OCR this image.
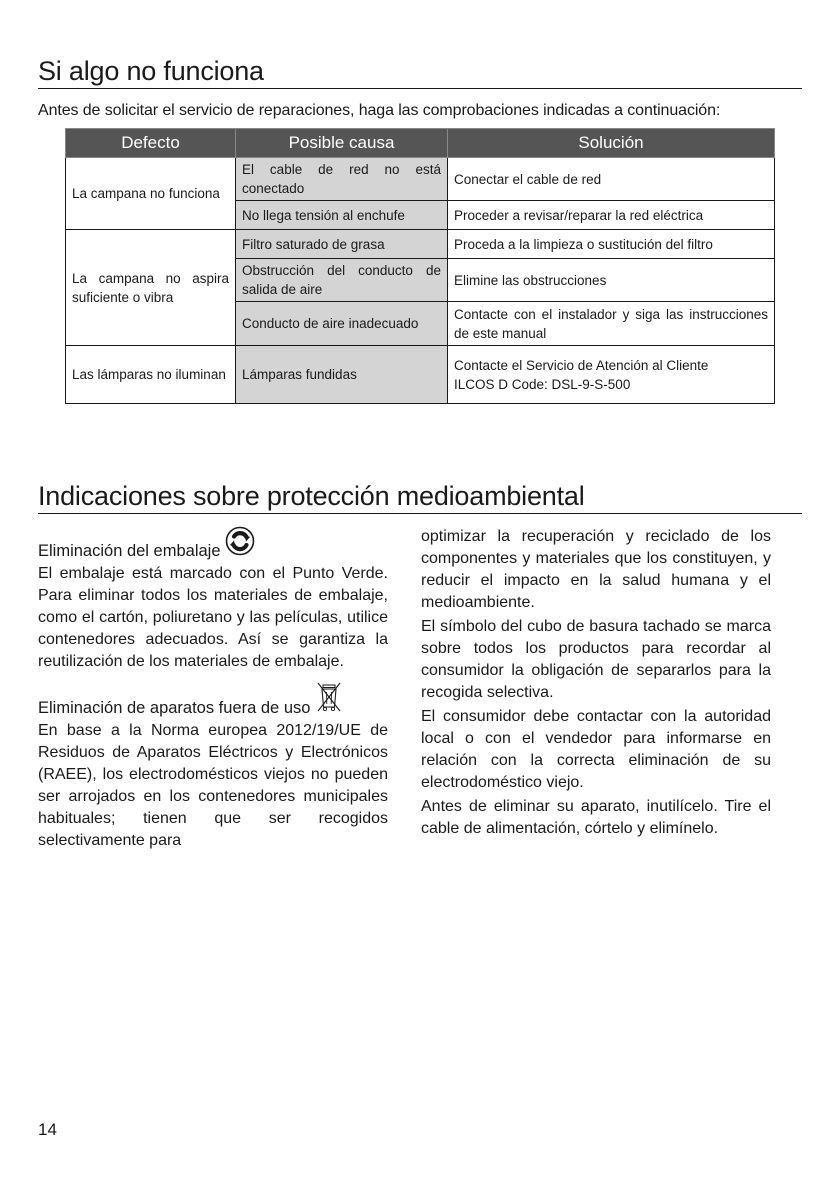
Si algo no funciona
Antes de solicitar el servicio de reparaciones, haga las comprobaciones indicadas a continuación:
Defecto	Posible causa	Solución
La campana no funciona	El cable de red no está conectado	Conectar el cable de red
	No llega tensión al enchufe	Proceder a revisar/reparar la red eléctrica
La campana no aspira suficiente o vibra	Filtro saturado de grasa	Proceda a la limpieza o sustitución del filtro
	Obstrucción del conducto de salida de aire	Elimine las obstrucciones
	Conducto de aire inadecuado	Contacte con el instalador y siga las instrucciones de este manual
Las lámparas no iluminan	Lámparas fundidas	Contacte el Servicio de Atención al Cliente
ILCOS D Code: DSL-9-S-500
Indicaciones sobre protección medioambiental
Eliminación del embalaje

El embalaje está marcado con el Punto Verde. Para eliminar todos los materiales de embalaje, como el cartón, poliuretano y las películas, utilice contenedores adecuados. Así se garantiza la reutilización de los materiales de embalaje.

Eliminación de aparatos fuera de uso

En base a la Norma europea 2012/19/UE de Residuos de Aparatos Eléctricos y Electrónicos (RAEE), los electrodomésticos viejos no pueden ser arrojados en los contenedores municipales habituales; tienen que ser recogidos selectivamente para

optimizar la recuperación y reciclado de los componentes y materiales que los constituyen, y reducir el impacto en la salud humana y el medioambiente.

El símbolo del cubo de basura tachado se marca sobre todos los productos para recordar al consumidor la obligación de separarlos para la recogida selectiva.

El consumidor debe contactar con la autoridad local o con el vendedor para informarse en relación con la correcta eliminación de su electrodoméstico viejo.

Antes de eliminar su aparato, inutilícelo. Tire el cable de alimentación, córtelo y elimínelo.

14
